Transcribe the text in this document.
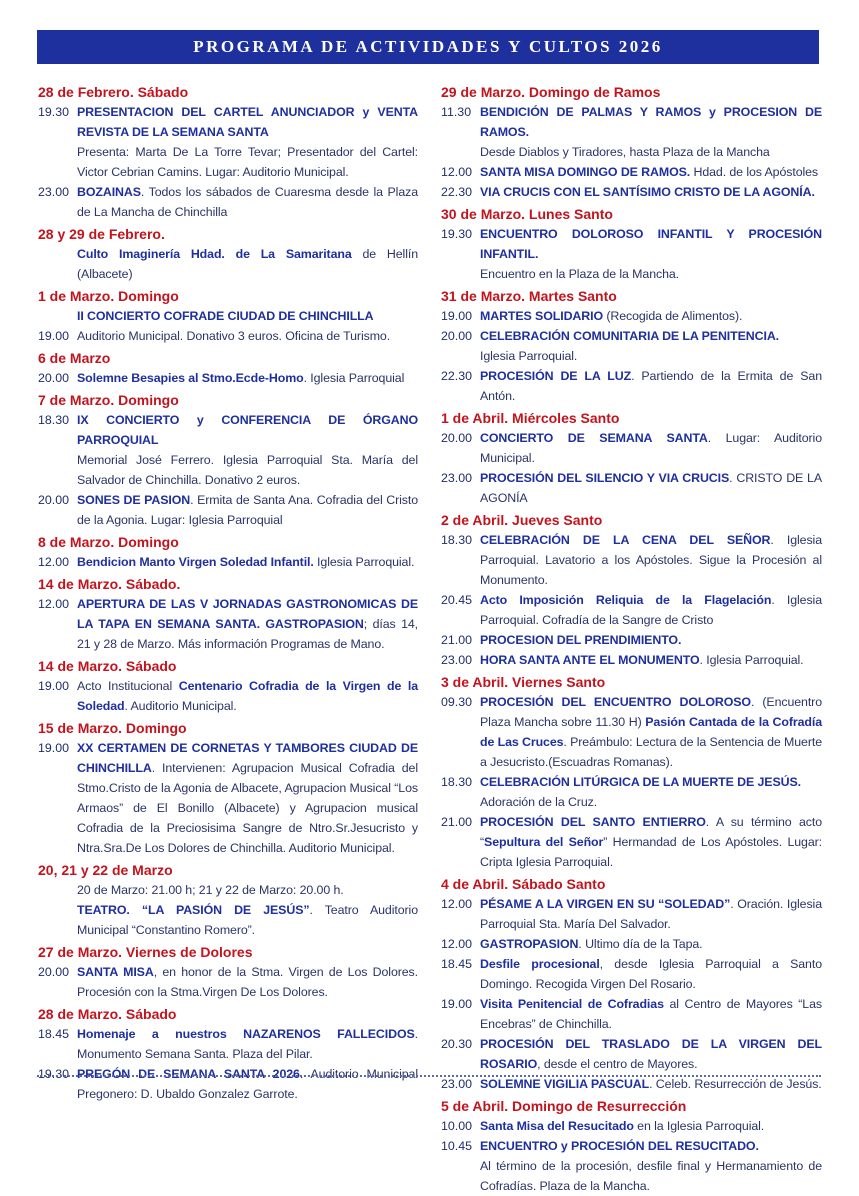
PROGRAMA DE ACTIVIDADES Y CULTOS 2026
28 de Febrero. Sábado
19.30 PRESENTACION DEL CARTEL ANUNCIADOR y VENTA REVISTA DE LA SEMANA SANTA
Presenta: Marta De La Torre Tevar; Presentador del Cartel: Victor Cebrian Camins. Lugar: Auditorio Municipal.
23.00 BOZAINAS. Todos los sábados de Cuaresma desde la Plaza de La Mancha de Chinchilla
28 y 29 de Febrero.
Culto Imaginería Hdad. de La Samaritana de Hellín (Albacete)
1 de Marzo. Domingo
II CONCIERTO COFRADE CIUDAD DE CHINCHILLA
19.00 Auditorio Municipal. Donativo 3 euros. Oficina de Turismo.
6 de Marzo
20.00 Solemne Besapies al Stmo.Ecde-Homo. Iglesia Parroquial
7 de Marzo. Domingo
18.30 IX CONCIERTO y CONFERENCIA DE ÓRGANO PARROQUIAL
Memorial José Ferrero. Iglesia Parroquial Sta. María del Salvador de Chinchilla. Donativo 2 euros.
20.00 SONES DE PASION. Ermita de Santa Ana. Cofradia del Cristo de la Agonia. Lugar: Iglesia Parroquial
8 de Marzo. Domingo
12.00 Bendicion Manto Virgen Soledad Infantil. Iglesia Parroquial.
14 de Marzo. Sábado.
12.00 APERTURA DE LAS V JORNADAS GASTRONOMICAS DE LA TAPA EN SEMANA SANTA. GASTROPASION; días 14, 21 y 28 de Marzo. Más información Programas de Mano.
14 de Marzo. Sábado
19.00 Acto Institucional Centenario Cofradia de la Virgen de la Soledad. Auditorio Municipal.
15 de Marzo. Domingo
19.00 XX CERTAMEN DE CORNETAS Y TAMBORES CIUDAD DE CHINCHILLA. Intervienen: Agrupacion Musical Cofradia del Stmo.Cristo de la Agonia de Albacete, Agrupacion Musical “Los Armaos” de El Bonillo (Albacete) y Agrupacion musical Cofradia de la Preciosisima Sangre de Ntro.Sr.Jesucristo y Ntra.Sra.De Los Dolores de Chinchilla. Auditorio Municipal.
20, 21 y 22 de Marzo
20 de Marzo: 21.00 h; 21 y 22 de Marzo: 20.00 h.
TEATRO. “LA PASIÓN DE JESÚS”. Teatro Auditorio Municipal “Constantino Romero”.
27 de Marzo. Viernes de Dolores
20.00 SANTA MISA, en honor de la Stma. Virgen de Los Dolores. Procesión con la Stma.Virgen De Los Dolores.
28 de Marzo. Sábado
18.45 Homenaje a nuestros NAZARENOS FALLECIDOS. Monumento Semana Santa. Plaza del Pilar.
19.30 PREGÓN DE SEMANA SANTA 2026. Auditorio Municipal Pregonero: D. Ubaldo Gonzalez Garrote.
29 de Marzo. Domingo de Ramos
11.30 BENDICIÓN DE PALMAS Y RAMOS y PROCESION DE RAMOS.
Desde Diablos y Tiradores, hasta Plaza de la Mancha
12.00 SANTA MISA DOMINGO DE RAMOS. Hdad. de los Apóstoles
22.30 VIA CRUCIS CON EL SANTÍSIMO CRISTO DE LA AGONÍA.
30 de Marzo. Lunes Santo
19.30 ENCUENTRO DOLOROSO INFANTIL Y PROCESIÓN INFANTIL.
Encuentro en la Plaza de la Mancha.
31 de Marzo. Martes Santo
19.00 MARTES SOLIDARIO (Recogida de Alimentos).
20.00 CELEBRACIÓN COMUNITARIA DE LA PENITENCIA.
Iglesia Parroquial.
22.30 PROCESIÓN DE LA LUZ. Partiendo de la Ermita de San Antón.
1 de Abril. Miércoles Santo
20.00 CONCIERTO DE SEMANA SANTA. Lugar: Auditorio Municipal.
23.00 PROCESIÓN DEL SILENCIO Y VIA CRUCIS. CRISTO DE LA AGONÍA
2 de Abril. Jueves Santo
18.30 CELEBRACIÓN DE LA CENA DEL SEÑOR. Iglesia Parroquial. Lavatorio a los Apóstoles. Sigue la Procesión al Monumento.
20.45 Acto Imposición Reliquia de la Flagelación. Iglesia Parroquial. Cofradía de la Sangre de Cristo
21.00 PROCESION DEL PRENDIMIENTO.
23.00 HORA SANTA ANTE EL MONUMENTO. Iglesia Parroquial.
3 de Abril. Viernes Santo
09.30 PROCESIÓN DEL ENCUENTRO DOLOROSO. (Encuentro Plaza Mancha sobre 11.30 H) Pasión Cantada de la Cofradía de Las Cruces. Preámbulo: Lectura de la Sentencia de Muerte a Jesucristo.(Escuadras Romanas).
18.30 CELEBRACIÓN LITÚRGICA DE LA MUERTE DE JESÚS.
Adoración de la Cruz.
21.00 PROCESIÓN DEL SANTO ENTIERRO. A su término acto “Sepultura del Señor” Hermandad de Los Apóstoles. Lugar: Cripta Iglesia Parroquial.
4 de Abril. Sábado Santo
12.00 PÉSAME A LA VIRGEN EN SU “SOLEDAD”. Oración. Iglesia Parroquial Sta. María Del Salvador.
12.00 GASTROPASION. Ultimo día de la Tapa.
18.45 Desfile procesional, desde Iglesia Parroquial a Santo Domingo. Recogida Virgen Del Rosario.
19.00 Visita Penitencial de Cofradias al Centro de Mayores “Las Encebras” de Chinchilla.
20.30 PROCESIÓN DEL TRASLADO DE LA VIRGEN DEL ROSARIO, desde el centro de Mayores.
23.00 SOLEMNE VIGILIA PASCUAL. Celeb. Resurrección de Jesús.
5 de Abril. Domingo de Resurrección
10.00 Santa Misa del Resucitado en la Iglesia Parroquial.
10.45 ENCUENTRO y PROCESIÓN DEL RESUCITADO.
Al término de la procesión, desfile final y Hermanamiento de Cofradías. Plaza de la Mancha.
